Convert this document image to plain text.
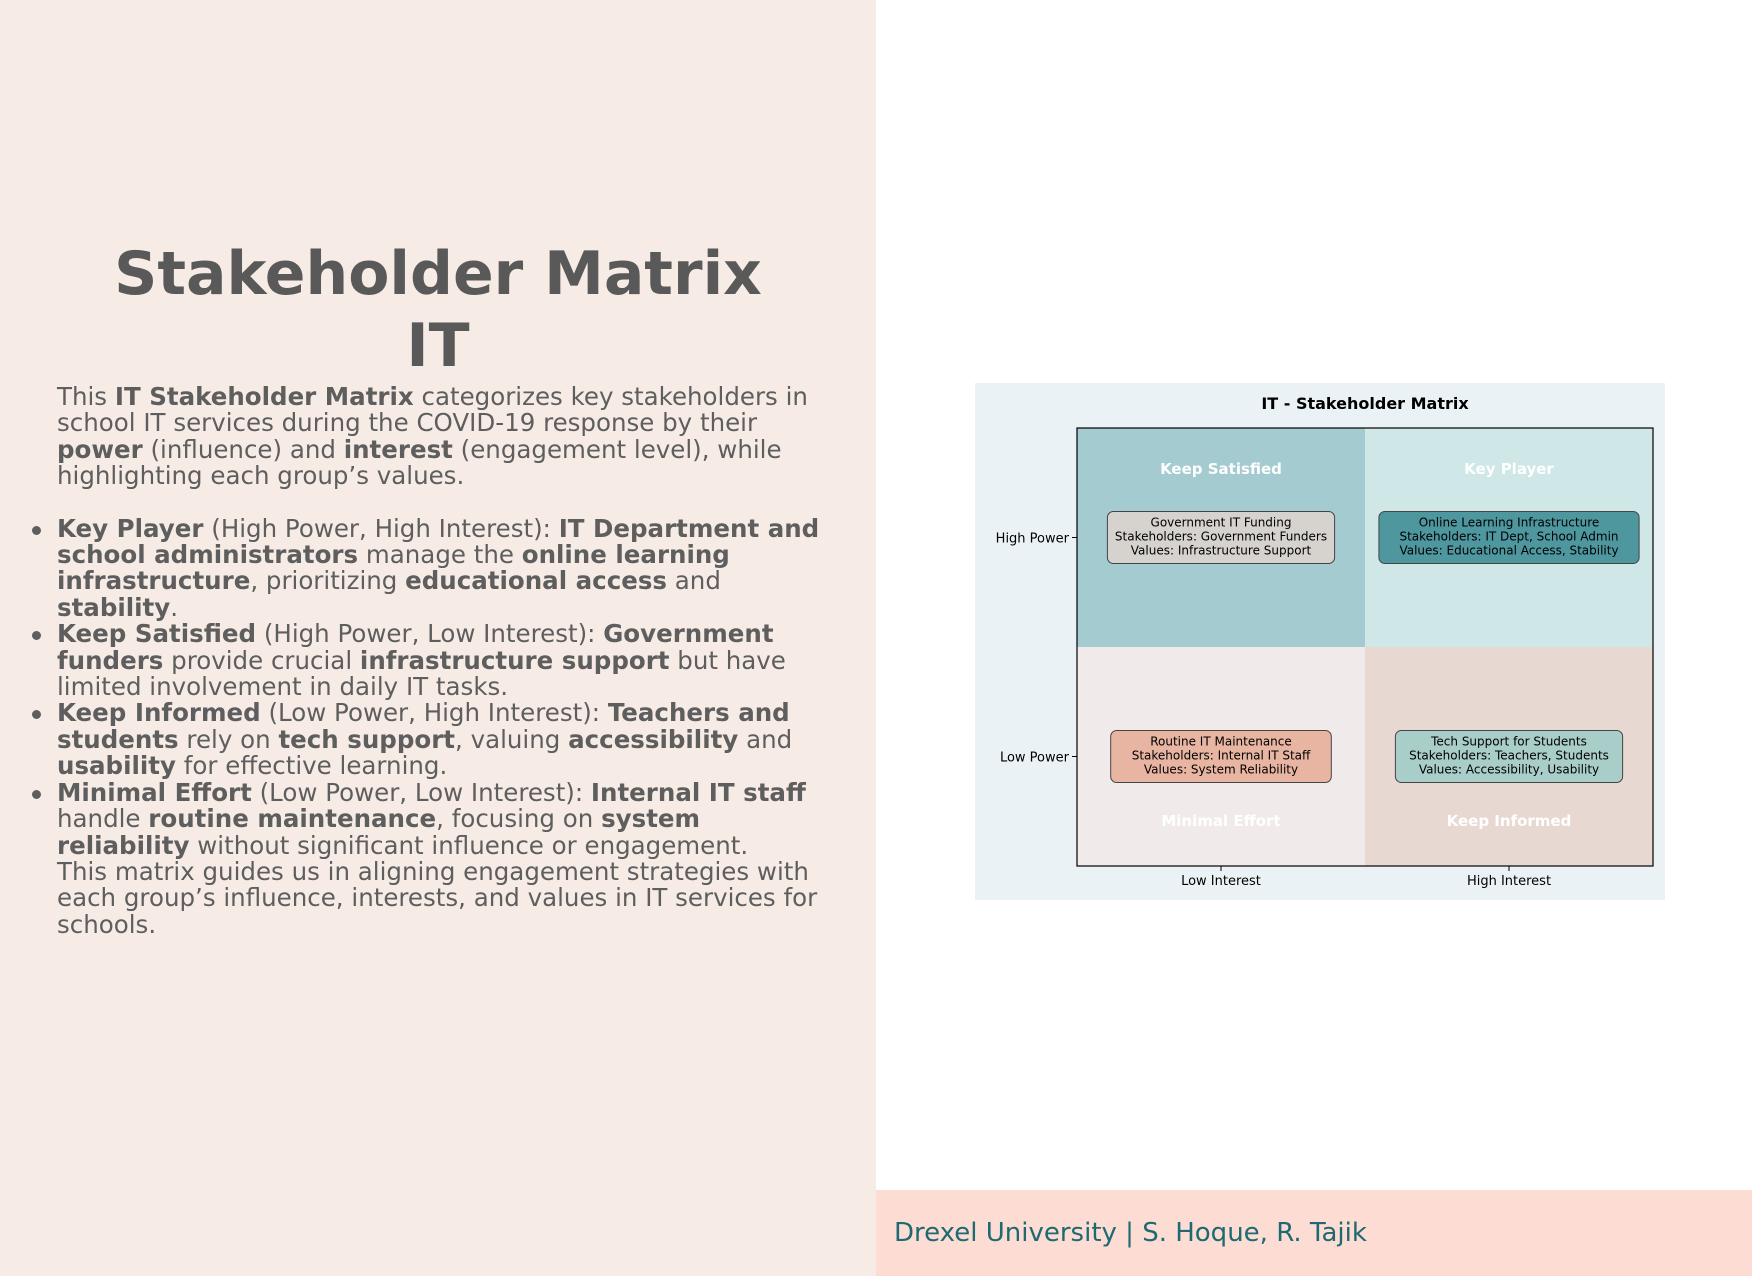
Stakeholder Matrix
IT

This IT Stakeholder Matrix categorizes key stakeholders in school IT services during the COVID-19 response by their power (influence) and interest (engagement level), while highlighting each group’s values.

Key Player (High Power, High Interest): IT Department and school administrators manage the online learning infrastructure, prioritizing educational access and stability.
Keep Satisfied (High Power, Low Interest): Government funders provide crucial infrastructure support but have limited involvement in daily IT tasks.
Keep Informed (Low Power, High Interest): Teachers and students rely on tech support, valuing accessibility and usability for effective learning.
Minimal Effort (Low Power, Low Interest): Internal IT staff handle routine maintenance, focusing on system reliability without significant influence or engagement.

This matrix guides us in aligning engagement strategies with each group’s influence, interests, and values in IT services for schools.

Keep Satisfied
Government IT Funding
Stakeholders: Government Funders
Values: Infrastructure Support
Key Player
Online Learning Infrastructure
Stakeholders: IT Dept, School Admin
Values: Educational Access, Stability
Minimal Effort
Routine IT Maintenance
Stakeholders: Internal IT Staff
Values: System Reliability
Keep Informed
Tech Support for Students
Stakeholders: Teachers, Students
Values: Accessibility, Usability
IT - Stakeholder Matrix
Low Interest	High Interest
Low Power
High Power
Drexel University | S. Hoque, R. Tajik
